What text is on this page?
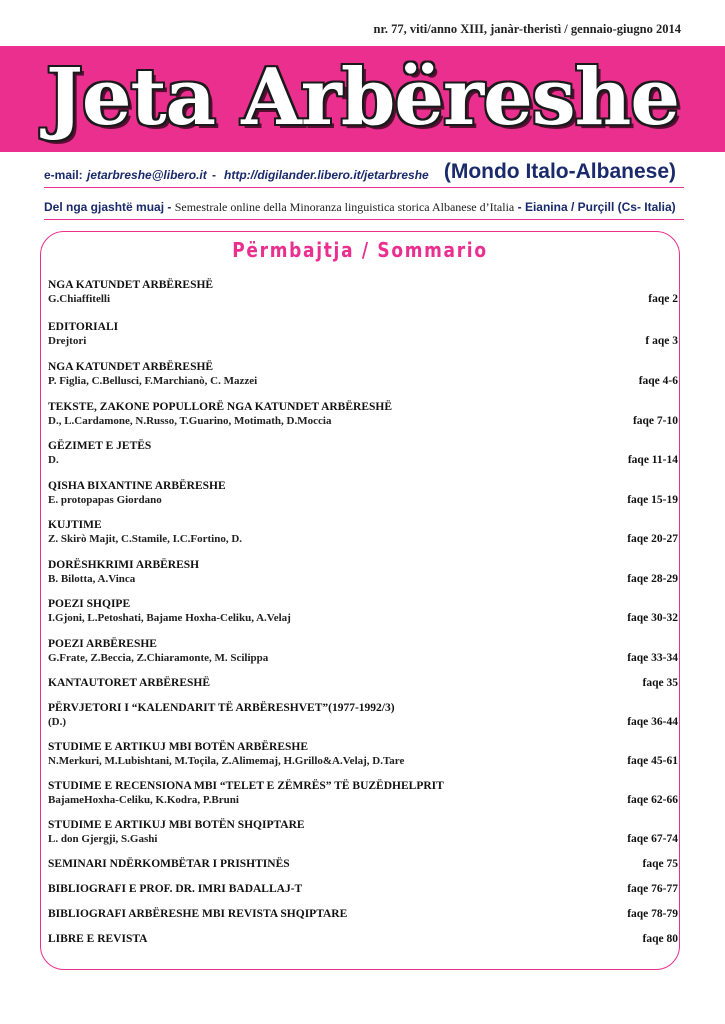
nr. 77, viti/anno XIII, janàr-theristì / gennaio-giugno 2014
Jeta Arbëreshe
e-mail: jetarbreshe@libero.it - http://digilander.libero.it/jetarbreshe (Mondo Italo-Albanese)
Del nga gjashtë muaj - Semestrale online della Minoranza linguistica storica Albanese d’Italia - Eianina / Purçill (Cs- Italia)
Përmbajtja / Sommario
NGA KATUNDET ARBËRESHË
G.Chiaffitelli	faqe 2
EDITORIALI
Drejtori	f aqe 3
NGA KATUNDET ARBËRESHË
P. Figlia, C.Bellusci, F.Marchianò, C. Mazzei	faqe 4-6
TEKSTE, ZAKONE POPULLORË NGA KATUNDET ARBËRESHË
D., L.Cardamone, N.Russo, T.Guarino, Motimath, D.Moccia	faqe 7-10
GËZIMET E JETËS
D.	faqe 11-14
QISHA BIXANTINE ARBËRESHE
E. protopapas Giordano	faqe 15-19
KUJTIME
Z. Skirò Majit, C.Stamile, I.C.Fortino, D.	faqe 20-27
DORËSHKRIMI ARBËRESH
B. Bilotta, A.Vinca	faqe 28-29
POEZI SHQIPE
I.Gjoni, L.Petoshati, Bajame Hoxha-Celiku, A.Velaj	faqe 30-32
POEZI ARBËRESHE
G.Frate, Z.Beccia, Z.Chiaramonte, M. Scilippa	faqe 33-34
KANTAUTORET ARBËRESHË	faqe 35
PËRVJETORI I “KALENDARIT TË ARBËRESHVET”(1977-1992/3)
(D.)	faqe 36-44
STUDIME E ARTIKUJ MBI BOTËN ARBËRESHE
N.Merkuri, M.Lubishtani, M.Toçila, Z.Alimemaj, H.Grillo&A.Velaj, D.Tare	faqe 45-61
STUDIME E RECENSIONA MBI “TELET E ZËMRËS” TË BUZËDHELPRIT
BajameHoxha-Celiku, K.Kodra, P.Bruni	faqe 62-66
STUDIME E ARTIKUJ MBI BOTËN SHQIPTARE
L. don Gjergji, S.Gashi	faqe 67-74
SEMINARI NDËRKOMBËTAR I PRISHTINËS	faqe 75
BIBLIOGRAFI E PROF. DR. IMRI BADALLAJ-T	faqe 76-77
BIBLIOGRAFI ARBËRESHE MBI REVISTA SHQIPTARE	faqe 78-79
LIBRE E REVISTA	faqe 80
